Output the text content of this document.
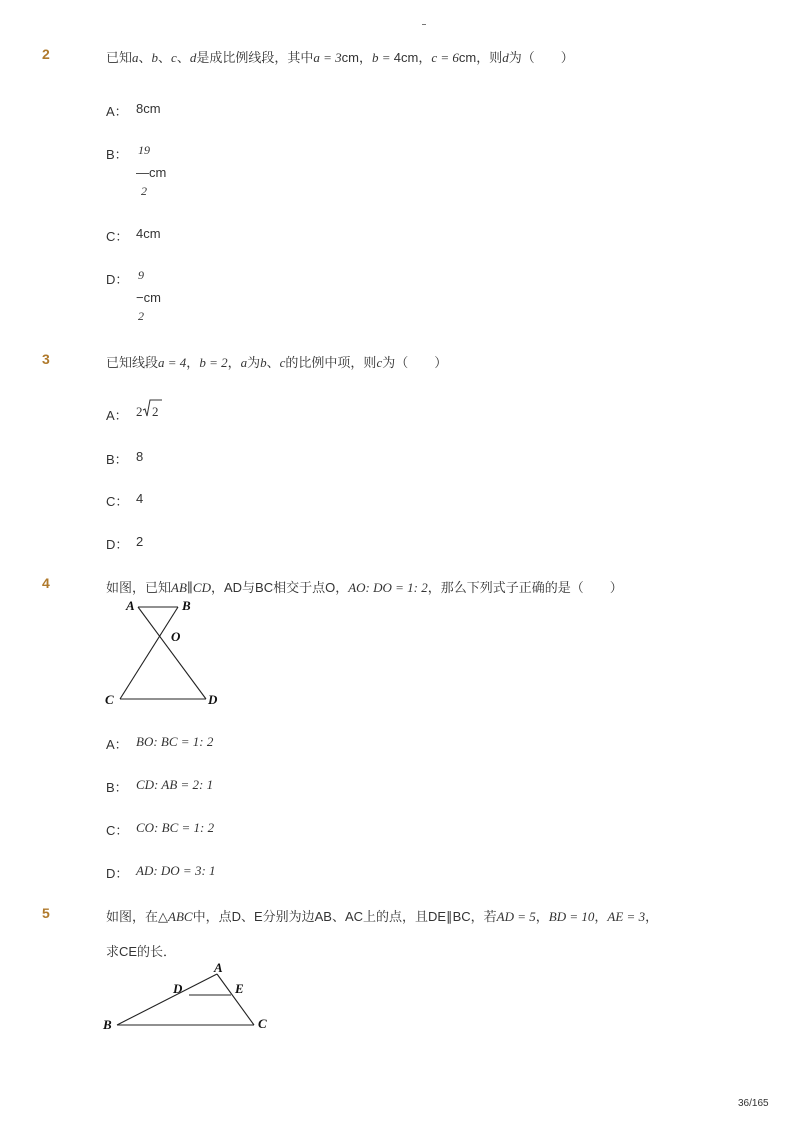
2	已知a、b、c、d是成比例线段，其中a = 3cm，b = 4cm，c = 6cm，则d为（　　）
A： 8cm
B： 19
—cm
2
C： 4cm
D： 9
−cm
2
3	已知线段a = 4，b = 2，a为b、c的比例中项，则c为（　　）
A： 2 2
B： 8
C： 4
D： 2
4	如图，已知AB∥CD，AD与BC相交于点O，AO: DO = 1: 2，那么下列式子正确的是（　　）
A	B
O
C	D
A： BO: BC = 1: 2
B： CD: AB = 2: 1
C： CO: BC = 1: 2
D： AD: DO = 3: 1
5	如图，在△ABC中，点D、E分别为边AB、AC上的点，且DE∥BC，若AD = 5，BD = 10，AE = 3，
求CE的长．
A
D	E
B	C
36/165
